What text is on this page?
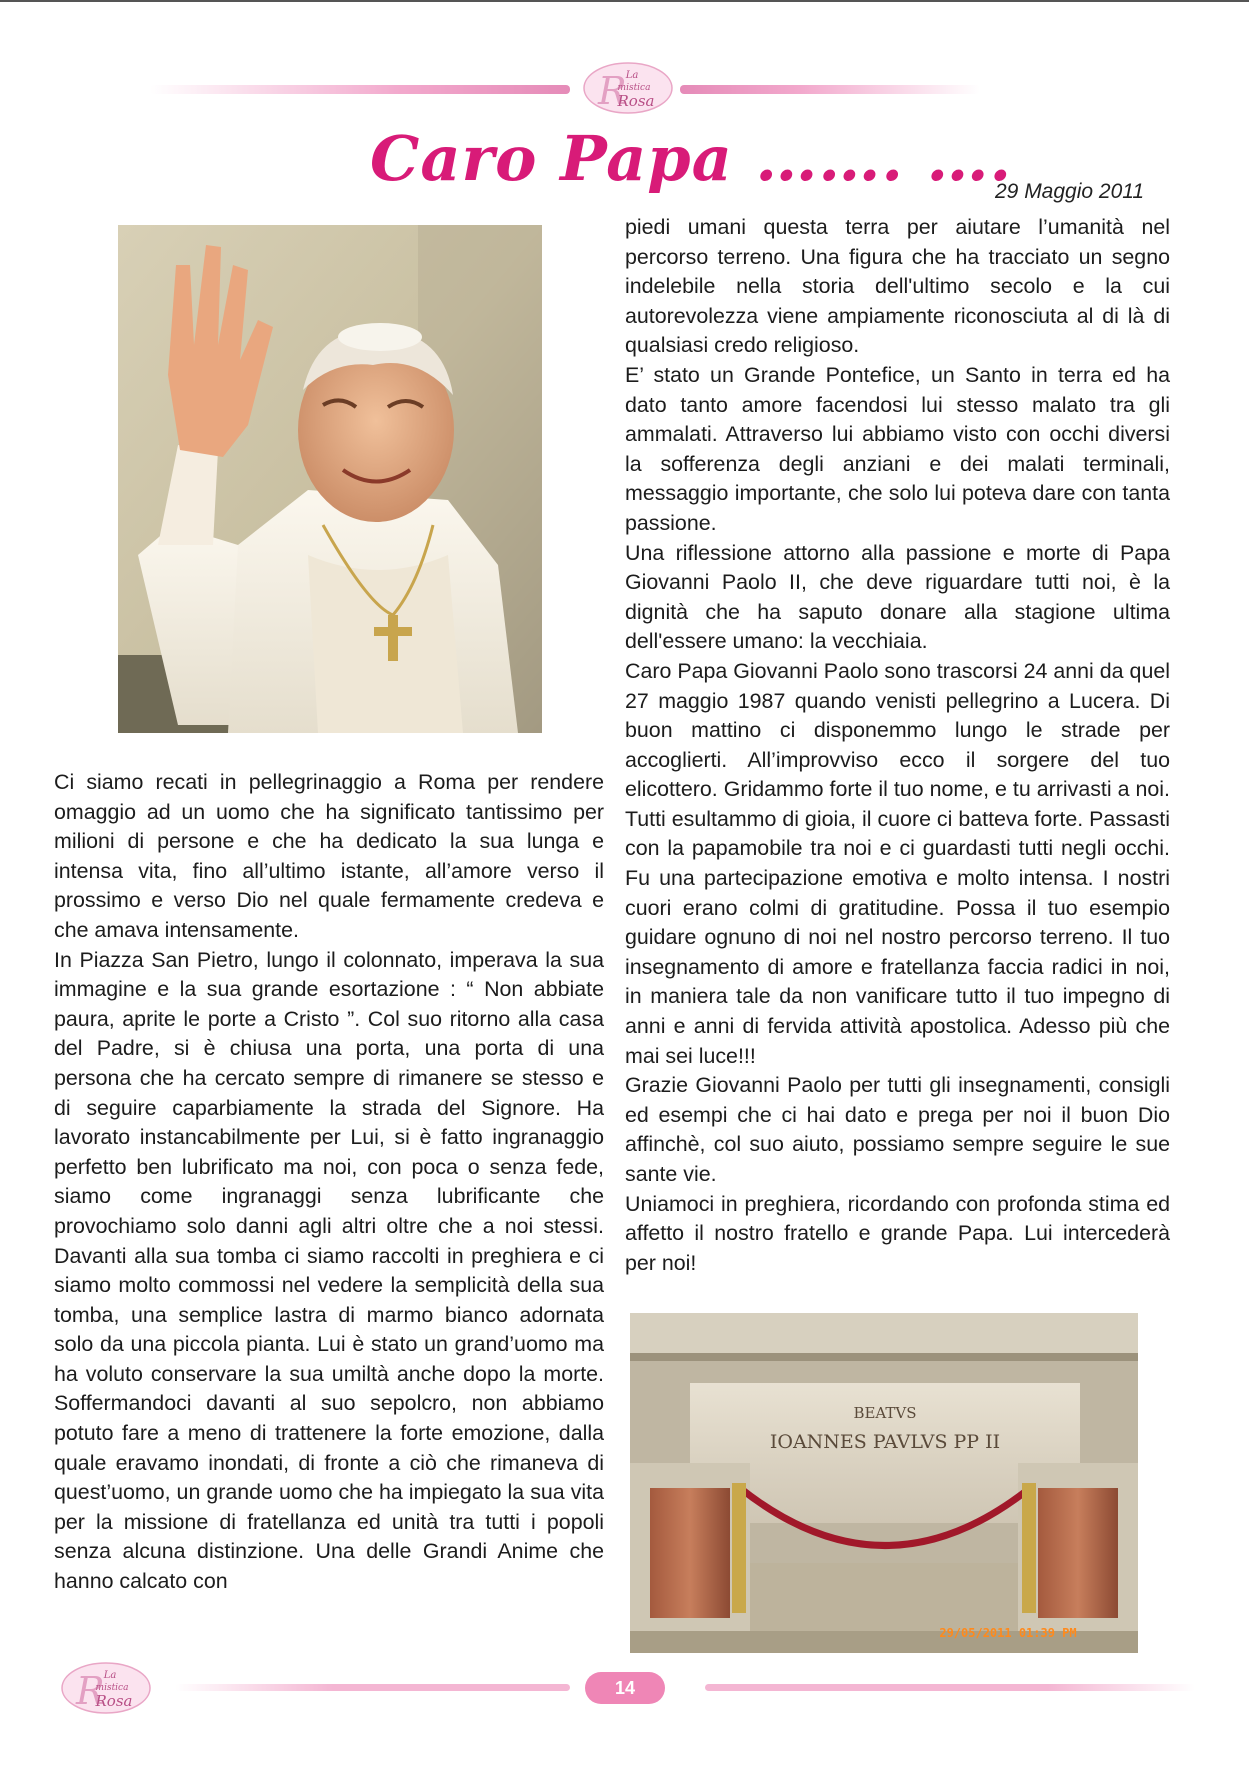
R La
mistica
Rosa
Caro Papa ……. ….
29 Maggio 2011

Ci siamo recati in pellegrinaggio a Roma per rendere omaggio ad un uomo che ha significato tantissimo per milioni di persone e che ha dedicato la sua lunga e intensa vita, fino all’ultimo istante, all’amore verso il prossimo e verso Dio nel quale fermamente credeva e che amava intensamente.

In Piazza San Pietro, lungo il colonnato, imperava la sua immagine e la sua grande esortazione : “ Non abbiate paura, aprite le porte a Cristo ”. Col suo ritorno alla casa del Padre, si è chiusa una porta, una porta di una persona che ha cercato sempre di rimanere se stesso e di seguire caparbiamente la strada del Signore. Ha lavorato instancabilmente per Lui, si è fatto ingranaggio perfetto ben lubrificato ma noi, con poca o senza fede, siamo come ingranaggi senza lubrificante che provochiamo solo danni agli altri oltre che a noi stessi. Davanti alla sua tomba ci siamo raccolti in preghiera e ci siamo molto commossi nel vedere la semplicità della sua tomba, una semplice lastra di marmo bianco adornata solo da una piccola pianta. Lui è stato un grand’uomo ma ha voluto conservare la sua umiltà anche dopo la morte. Soffermandoci davanti al suo sepolcro, non abbiamo potuto fare a meno di trattenere la forte emozione, dalla quale eravamo inondati, di fronte a ciò che rimaneva di quest’uomo, un grande uomo che ha impiegato la sua vita per la missione di fratellanza ed unità tra tutti i popoli senza alcuna distinzione. Una delle Grandi Anime che hanno calcato con

piedi umani questa terra per aiutare l’umanità nel percorso terreno. Una figura che ha tracciato un segno indelebile nella storia dell'ultimo secolo e la cui autorevolezza viene ampiamente riconosciuta al di là di qualsiasi credo religioso.

E’ stato un Grande Pontefice, un Santo in terra ed ha dato tanto amore facendosi lui stesso malato tra gli ammalati. Attraverso lui abbiamo visto con occhi diversi la sofferenza degli anziani e dei malati terminali, messaggio importante, che solo lui poteva dare con tanta passione.

Una riflessione attorno alla passione e morte di Papa Giovanni Paolo II, che deve riguardare tutti noi, è la dignità che ha saputo donare alla stagione ultima dell'essere umano: la vecchiaia.

Caro Papa Giovanni Paolo sono trascorsi 24 anni da quel 27 maggio 1987 quando venisti pellegrino a Lucera. Di buon mattino ci disponemmo lungo le strade per accoglierti. All’improvviso ecco il sorgere del tuo elicottero. Gridammo forte il tuo nome, e tu arrivasti a noi. Tutti esultammo di gioia, il cuore ci batteva forte. Passasti con la papamobile tra noi e ci guardasti tutti negli occhi. Fu una partecipazione emotiva e molto intensa. I nostri cuori erano colmi di gratitudine. Possa il tuo esempio guidare ognuno di noi nel nostro percorso terreno. Il tuo insegnamento di amore e fratellanza faccia radici in noi, in maniera tale da non vanificare tutto il tuo impegno di anni e anni di fervida attività apostolica. Adesso più che mai sei luce!!!

Grazie Giovanni Paolo per tutti gli insegnamenti, consigli ed esempi che ci hai dato e prega per noi il buon Dio affinchè, col suo aiuto, possiamo sempre seguire le sue sante vie.

Uniamoci in preghiera, ricordando con profonda stima ed affetto il nostro fratello e grande Papa. Lui intercederà per noi!

BEATVS
IOANNES PAVLVS PP II
29/05/2011 01:39 PM
R La
mistica
Rosa
14
